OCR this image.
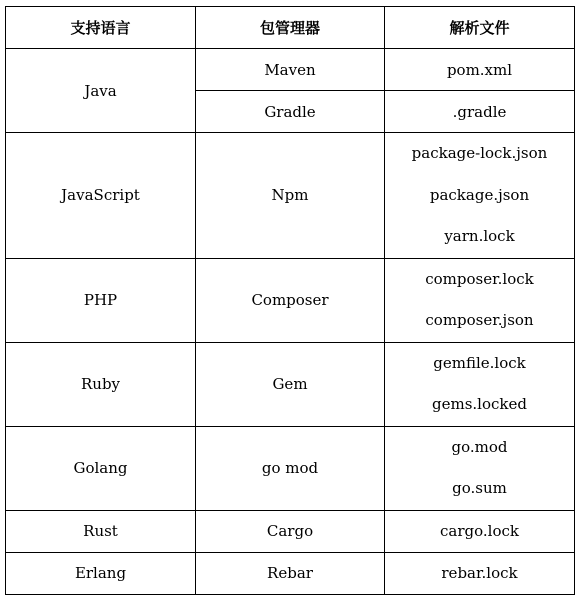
支持语言	包管理器	解析文件
Java	Maven	pom.xml
	Gradle	.gradle
JavaScript	Npm	package-lock.json
package.json
yarn.lock

PHP	Composer	composer.lock
composer.json

Ruby	Gem	gemfile.lock
gems.locked

Golang	go mod	go.mod
go.sum

Rust	Cargo	cargo.lock
Erlang	Rebar	rebar.lock
